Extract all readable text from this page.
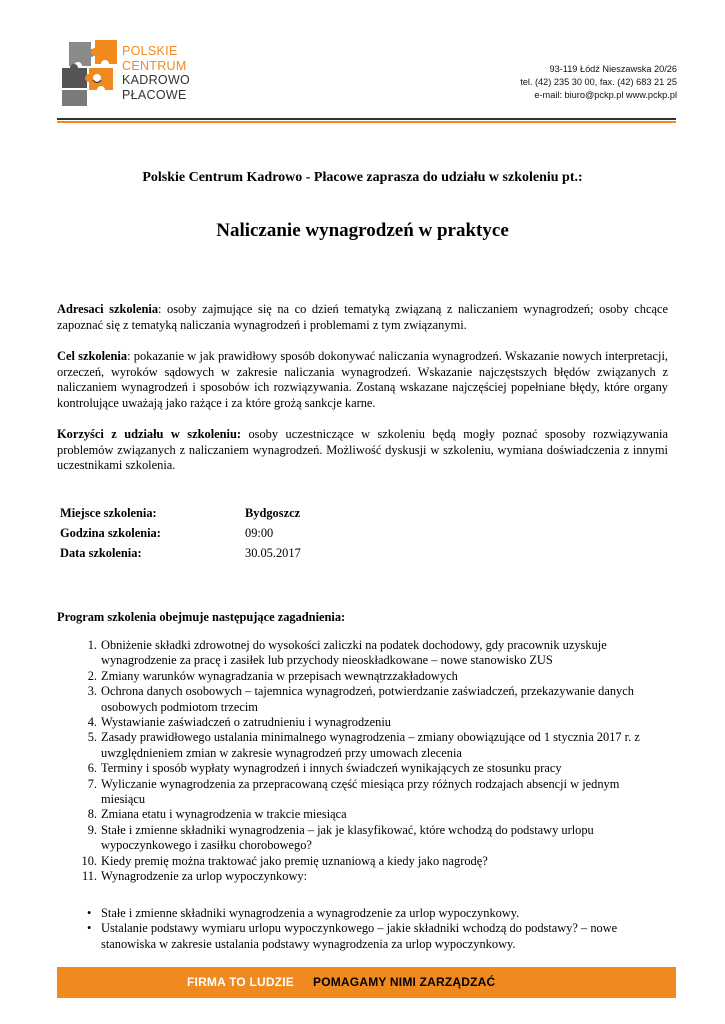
POLSKIE
CENTRUM
KADROWO
PŁACOWE
93-119 Łódź Nieszawska 20/26
tel. (42) 235 30 00, fax. (42) 683 21 25
e-mail: biuro@pckp.pl www.pckp.pl
Polskie Centrum Kadrowo - Płacowe zaprasza do udziału w szkoleniu pt.:
Naliczanie wynagrodzeń w praktyce

Adresaci szkolenia: osoby zajmujące się na co dzień tematyką związaną z naliczaniem wynagrodzeń; osoby chcące zapoznać się z tematyką naliczania wynagrodzeń i problemami z tym związanymi.

Cel szkolenia: pokazanie w jak prawidłowy sposób dokonywać naliczania wynagrodzeń. Wskazanie nowych interpretacji, orzeczeń, wyroków sądowych w zakresie naliczania wynagrodzeń. Wskazanie najczęstszych błędów związanych z naliczaniem wynagrodzeń i sposobów ich rozwiązywania. Zostaną wskazane najczęściej popełniane błędy, które organy kontrolujące uważają jako rażące i za które grożą sankcje karne.

Korzyści z udziału w szkoleniu: osoby uczestniczące w szkoleniu będą mogły poznać sposoby rozwiązywania problemów związanych z naliczaniem wynagrodzeń. Możliwość dyskusji w szkoleniu, wymiana doświadczenia z innymi uczestnikami szkolenia.

Miejsce szkolenia:	Bydgoszcz
Godzina szkolenia:	09:00
Data szkolenia:	30.05.2017
Program szkolenia obejmuje następujące zagadnienia:
1. Obniżenie składki zdrowotnej do wysokości zaliczki na podatek dochodowy, gdy pracownik uzyskuje wynagrodzenie za pracę i zasiłek lub przychody nieoskładkowane – nowe stanowisko ZUS
2. Zmiany warunków wynagradzania w przepisach wewnątrzzakładowych
3. Ochrona danych osobowych – tajemnica wynagrodzeń, potwierdzanie zaświadczeń, przekazywanie danych osobowych podmiotom trzecim
4. Wystawianie zaświadczeń o zatrudnieniu i wynagrodzeniu
5. Zasady prawidłowego ustalania minimalnego wynagrodzenia – zmiany obowiązujące od 1 stycznia 2017 r. z uwzględnieniem zmian w zakresie wynagrodzeń przy umowach zlecenia
6. Terminy i sposób wypłaty wynagrodzeń i innych świadczeń wynikających ze stosunku pracy
7. Wyliczanie wynagrodzenia za przepracowaną część miesiąca przy różnych rodzajach absencji w jednym miesiącu
8. Zmiana etatu i wynagrodzenia w trakcie miesiąca
9. Stałe i zmienne składniki wynagrodzenia – jak je klasyfikować, które wchodzą do podstawy urlopu wypoczynkowego i zasiłku chorobowego?
10. Kiedy premię można traktować jako premię uznaniową a kiedy jako nagrodę?
11. Wynagrodzenie za urlop wypoczynkowy:
• Stałe i zmienne składniki wynagrodzenia a wynagrodzenie za urlop wypoczynkowy.
• Ustalanie podstawy wymiaru urlopu wypoczynkowego – jakie składniki wchodzą do podstawy? – nowe stanowiska w zakresie ustalania podstawy wynagrodzenia za urlop wypoczynkowy.
FIRMA TO LUDZIE POMAGAMY NIMI ZARZĄDZAĆ
